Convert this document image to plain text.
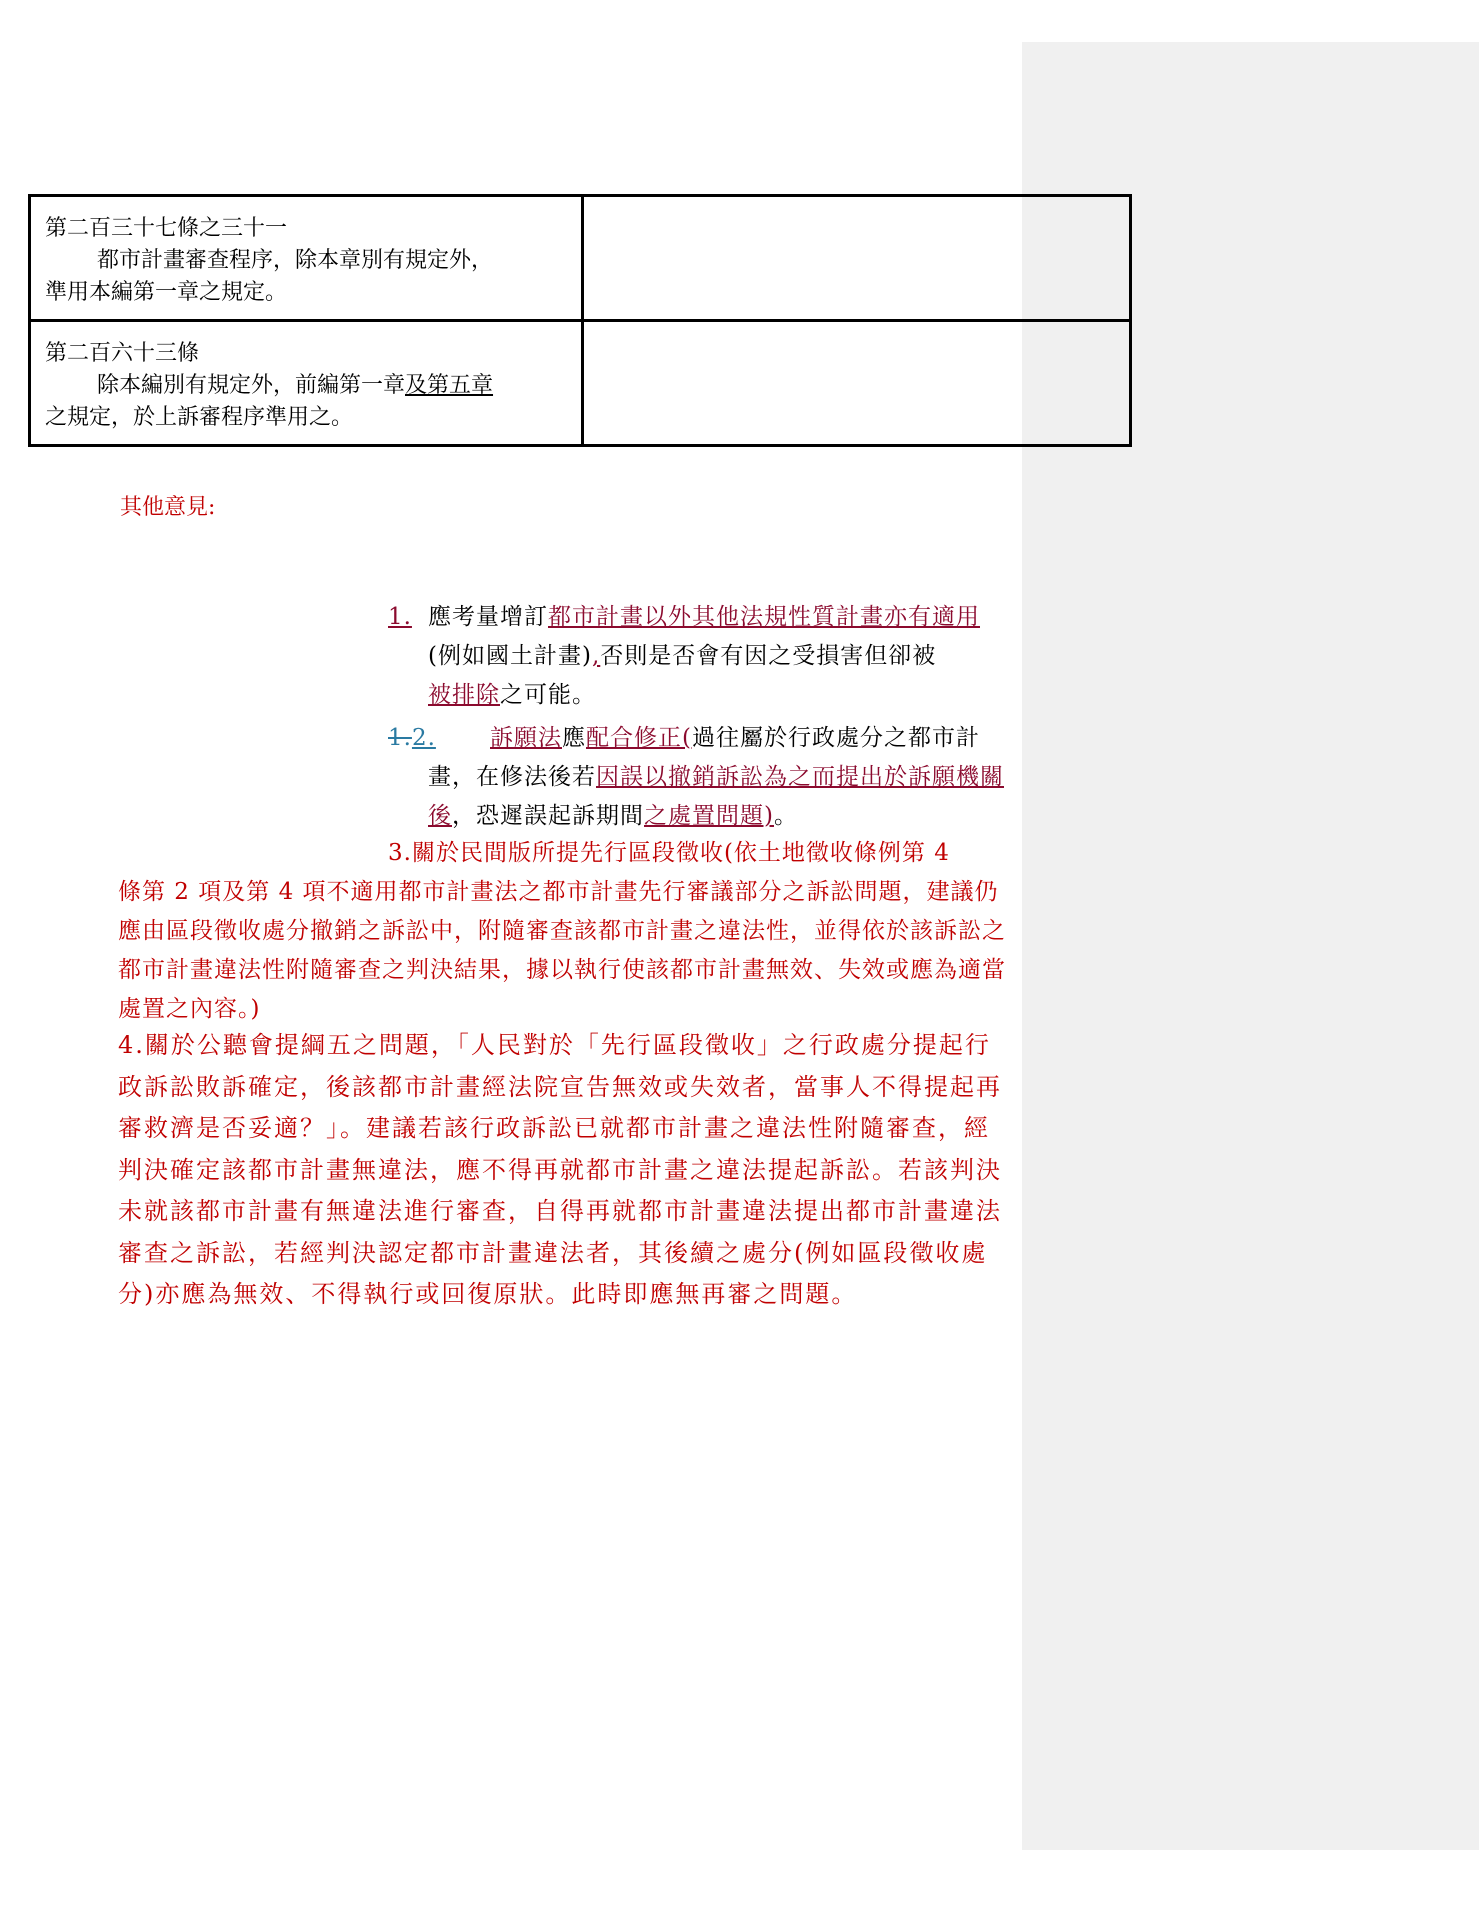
第二百三十七條之三十一
都市計畫審查程序，除本章別有規定外，
準用本編第一章之規定。	

第二百六十三條
除本編別有規定外，前編第一章及第五章
之規定，於上訴審程序準用之。	

其他意見:
1. 應考量增訂都市計畫以外其他法規性質計畫亦有適用(例如國土計畫),否則是否會有因之受損害但卻被
被排除之可能。
1.2. 訴願法應配合修正(過往屬於行政處分之都市計畫，在修法後若因誤以撤銷訴訟為之而提出於訴願機關後，恐遲誤起訴期間之處置問題)。
3.關於民間版所提先行區段徵收(依土地徵收條例第 4
條第 2 項及第 4 項不適用都市計畫法之都市計畫先行審議部分之訴訟問題，建議仍應由區段徵收處分撤銷之訴訟中，附隨審查該都市計畫之違法性，並得依於該訴訟之都市計畫違法性附隨審查之判決結果，據以執行使該都市計畫無效、失效或應為適當處置之內容。)
4.關於公聽會提綱五之問題，「人民對於「先行區段徵收」之行政處分提起行政訴訟敗訴確定，後該都市計畫經法院宣告無效或失效者，當事人不得提起再審救濟是否妥適？」。建議若該行政訴訟已就都市計畫之違法性附隨審查，經判決確定該都市計畫無違法，應不得再就都市計畫之違法提起訴訟。若該判決未就該都市計畫有無違法進行審查，自得再就都市計畫違法提出都市計畫違法審查之訴訟，若經判決認定都市計畫違法者，其後續之處分(例如區段徵收處分)亦應為無效、不得執行或回復原狀。此時即應無再審之問題。
